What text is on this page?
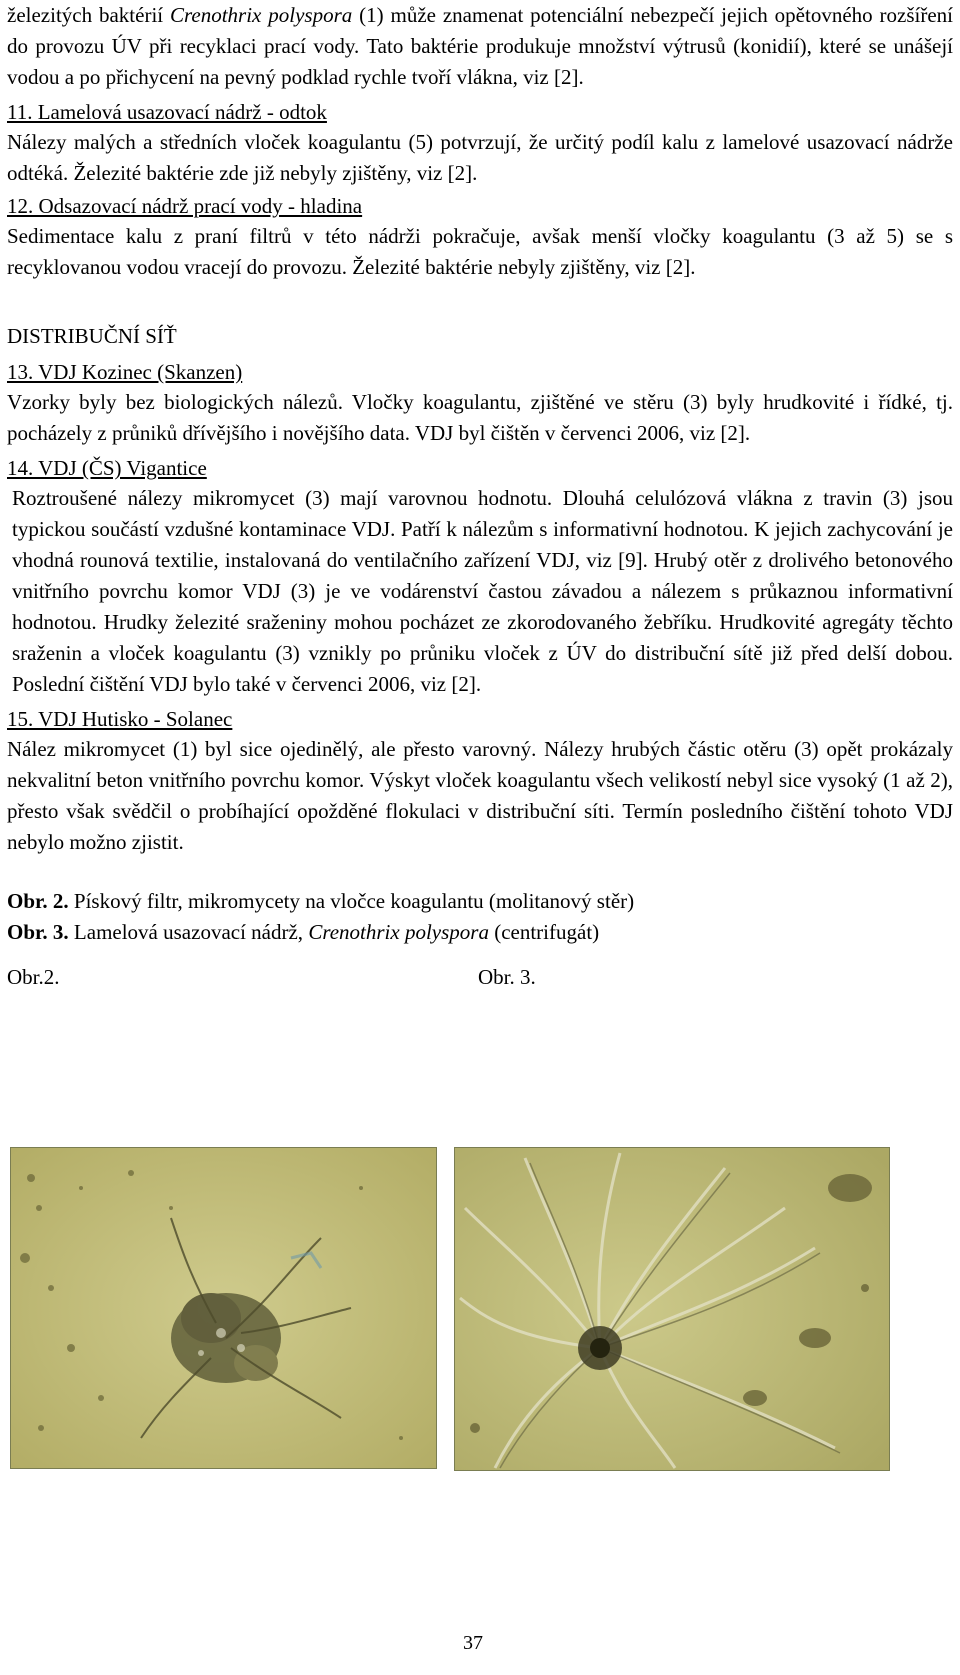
železitých baktérií Crenothrix polyspora (1) může znamenat potenciální nebezpečí jejich opětovného rozšíření do provozu ÚV při recyklaci prací vody. Tato baktérie produkuje množství výtrusů (konidií), které se unášejí vodou a po přichycení na pevný podklad rychle tvoří vlákna, viz [2].

11. Lamelová usazovací nádrž - odtok

Nálezy malých a středních vloček koagulantu (5) potvrzují, že určitý podíl kalu z lamelové usazovací nádrže odtéká. Železité baktérie zde již nebyly zjištěny, viz [2].

12. Odsazovací nádrž prací vody - hladina

Sedimentace kalu z praní filtrů v této nádrži pokračuje, avšak menší vločky koagulantu (3 až 5) se s recyklovanou vodou vracejí do provozu. Železité baktérie nebyly zjištěny, viz [2].

DISTRIBUČNÍ SÍŤ

13. VDJ Kozinec (Skanzen)

Vzorky byly bez biologických nálezů. Vločky koagulantu, zjištěné ve stěru (3) byly hrudkovité i řídké, tj. pocházely z průniků dřívějšího i novějšího data. VDJ byl čištěn v červenci 2006, viz [2].

14. VDJ (ČS) Vigantice

Roztroušené nálezy mikromycet (3) mají varovnou hodnotu. Dlouhá celulózová vlákna z travin (3) jsou typickou součástí vzdušné kontaminace VDJ. Patří k nálezům s informativní hodnotou. K jejich zachycování je vhodná rounová textilie, instalovaná do ventilačního zařízení VDJ, viz [9]. Hrubý otěr z drolivého betonového vnitřního povrchu komor VDJ (3) je ve vodárenství častou závadou a nálezem s průkaznou informativní hodnotou. Hrudky železité sraženiny mohou pocházet ze zkorodovaného žebříku. Hrudkovité agregáty těchto sraženin a vloček koagulantu (3) vznikly po průniku vloček z ÚV do distribuční sítě již před delší dobou. Poslední čištění VDJ bylo také v červenci 2006, viz [2].

15. VDJ Hutisko - Solanec

Nález mikromycet (1) byl sice ojedinělý, ale přesto varovný. Nálezy hrubých částic otěru (3) opět prokázaly nekvalitní beton vnitřního povrchu komor. Výskyt vloček koagulantu všech velikostí nebyl sice vysoký (1 až 2), přesto však svědčil o probíhající opožděné flokulaci v distribuční síti. Termín posledního čištění tohoto VDJ nebylo možno zjistit.

Obr. 2. Pískový filtr, mikromycety na vločce koagulantu (molitanový stěr)

Obr. 3. Lamelová usazovací nádrž, Crenothrix polyspora (centrifugát)

Obr.2.	Obr. 3.
37
